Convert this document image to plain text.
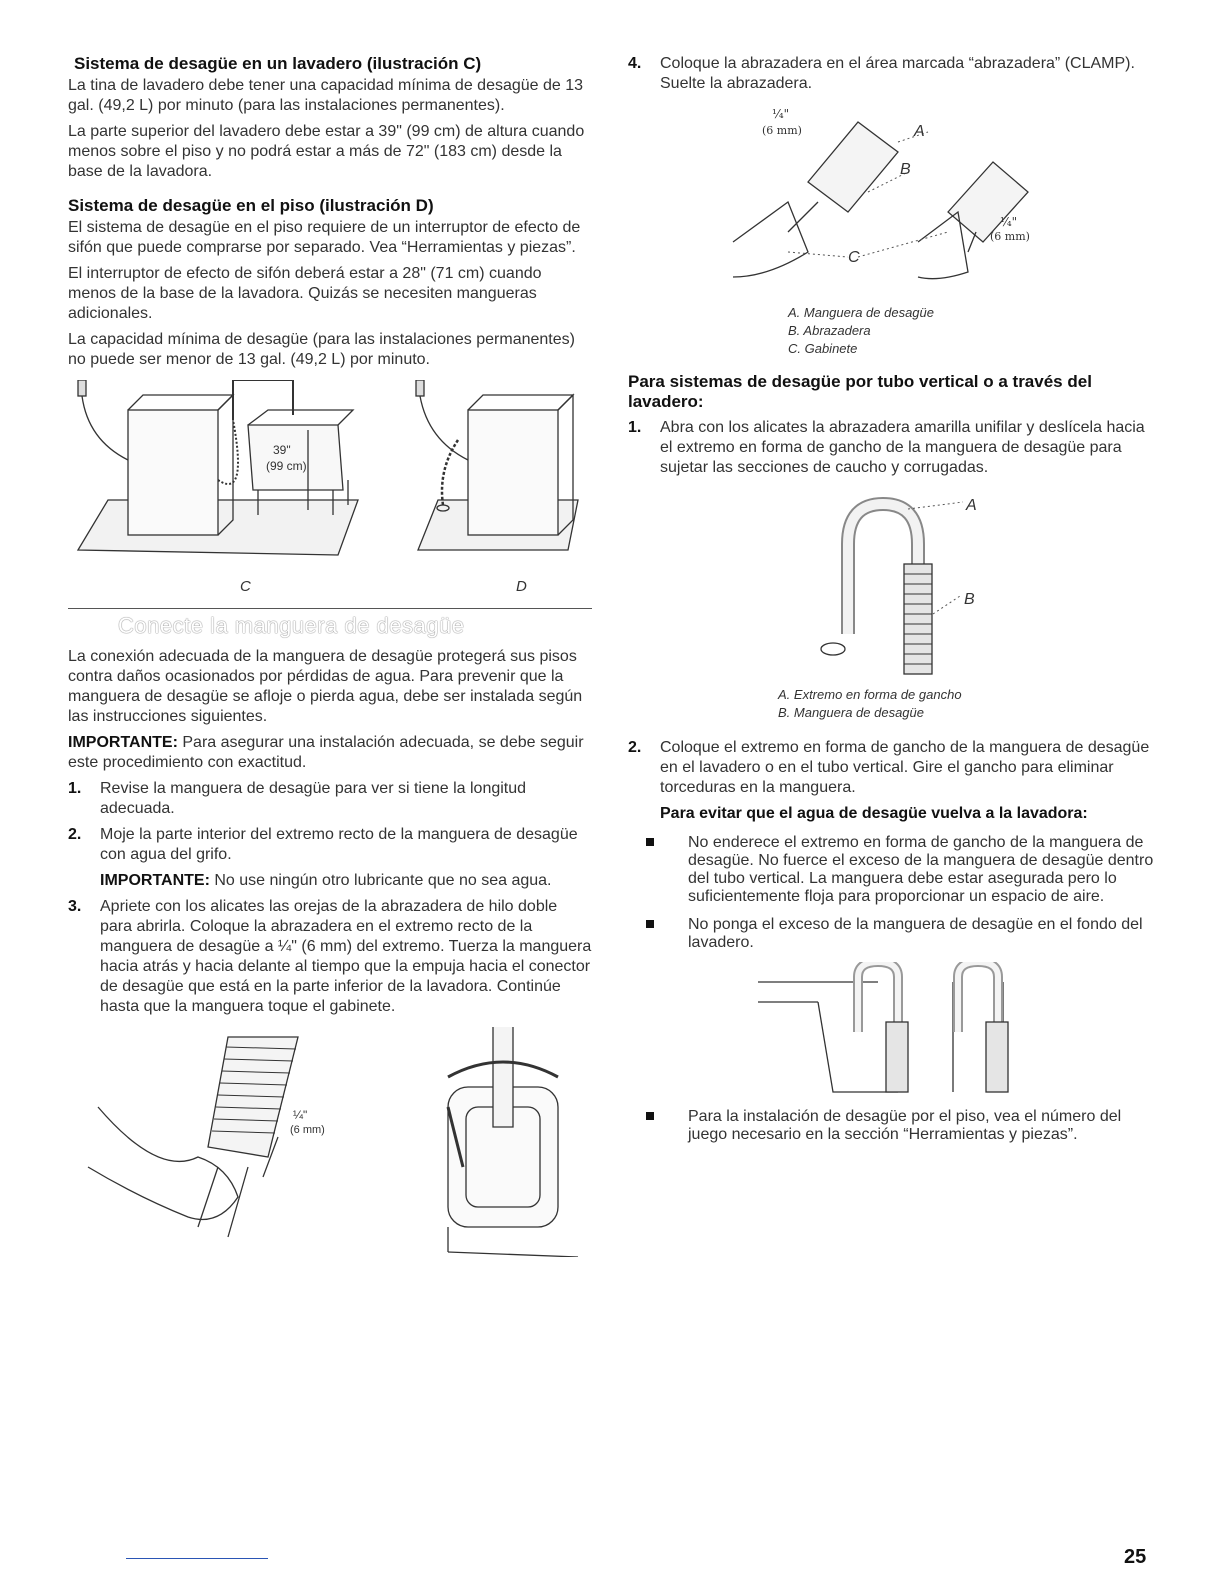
Sistema de desagüe en un lavadero (ilustración C)

La tina de lavadero debe tener una capacidad mínima de desagüe de 13 gal. (49,2 L) por minuto (para las instalaciones permanentes).

La parte superior del lavadero debe estar a 39" (99 cm) de altura cuando menos sobre el piso y no podrá estar a más de 72" (183 cm) desde la base de la lavadora.

Sistema de desagüe en el piso (ilustración D)

El sistema de desagüe en el piso requiere de un interruptor de efecto de sifón que puede comprarse por separado. Vea “Herramientas y piezas”.

El interruptor de efecto de sifón deberá estar a 28" (71 cm) cuando menos de la base de la lavadora. Quizás se necesiten mangueras adicionales.

La capacidad mínima de desagüe (para las instalaciones permanentes) no puede ser menor de 13 gal. (49,2 L) por minuto.

39"
(99 cm)
C	D
Conecte la manguera de desagüe

La conexión adecuada de la manguera de desagüe protegerá sus pisos contra daños ocasionados por pérdidas de agua. Para prevenir que la manguera de desagüe se afloje o pierda agua, debe ser instalada según las instrucciones siguientes.

IMPORTANTE: Para asegurar una instalación adecuada, se debe seguir este procedimiento con exactitud.

1. Revise la manguera de desagüe para ver si tiene la longitud adecuada.
2. Moje la parte interior del extremo recto de la manguera de desagüe con agua del grifo.
IMPORTANTE: No use ningún otro lubricante que no sea agua.
3. Apriete con los alicates las orejas de la abrazadera de hilo doble para abrirla. Coloque la abrazadera en el extremo recto de la manguera de desagüe a ¼" (6 mm) del extremo. Tuerza la manguera hacia atrás y hacia delante al tiempo que la empuja hacia el conector de desagüe que está en la parte inferior de la lavadora. Continúe hasta que la manguera toque el gabinete.
¼"
(6 mm)
4. Coloque la abrazadera en el área marcada “abrazadera” (CLAMP). Suelte la abrazadera.
¼"
(6 mm)
¼"
(6 mm)
A
B
C
A. Manguera de desagüe
B. Abrazadera
C. Gabinete
Para sistemas de desagüe por tubo vertical o a través del lavadero:
1. Abra con los alicates la abrazadera amarilla unifilar y deslícela hacia el extremo en forma de gancho de la manguera de desagüe para sujetar las secciones de caucho y corrugadas.
A
B
A. Extremo en forma de gancho
B. Manguera de desagüe
2. Coloque el extremo en forma de gancho de la manguera de desagüe en el lavadero o en el tubo vertical. Gire el gancho para eliminar torceduras en la manguera.
Para evitar que el agua de desagüe vuelva a la lavadora:
No enderece el extremo en forma de gancho de la manguera de desagüe. No fuerce el exceso de la manguera de desagüe dentro del tubo vertical. La manguera debe estar asegurada pero lo suficientemente floja para proporcionar un espacio de aire.
No ponga el exceso de la manguera de desagüe en el fondo del lavadero.
Para la instalación de desagüe por el piso, vea el número del juego necesario en la sección “Herramientas y piezas”.
25
